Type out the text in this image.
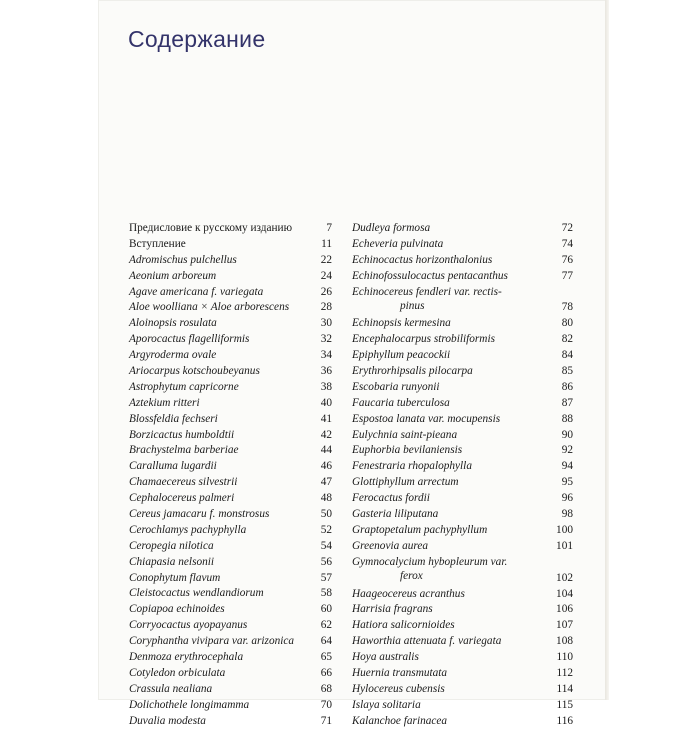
Содержание
Предисловие к русскому изданию	7
Вступление	11
Adromischus pulchellus	22
Aeonium arboreum	24
Agave americana f. variegata	26
Aloe woolliana × Aloe arborescens	28
Aloinopsis rosulata	30
Aporocactus flagelliformis	32
Argyroderma ovale	34
Ariocarpus kotschoubeyanus	36
Astrophytum capricorne	38
Aztekium ritteri	40
Blossfeldia fechseri	41
Borzicactus humboldtii	42
Brachystelma barberiae	44
Caralluma lugardii	46
Chamaecereus silvestrii	47
Cephalocereus palmeri	48
Cereus jamacaru f. monstrosus	50
Cerochlamys pachyphylla	52
Ceropegia nilotica	54
Chiapasia nelsonii	56
Conophytum flavum	57
Cleistocactus wendlandiorum	58
Copiapoa echinoides	60
Corryocactus ayopayanus	62
Coryphantha vivipara var. arizonica	64
Denmoza erythrocephala	65
Cotyledon orbiculata	66
Crassula nealiana	68
Dolichothele longimamma	70
Duvalia modesta	71
Dudleya formosa	72
Echeveria pulvinata	74
Echinocactus horizonthalonius	76
Echinofossulocactus pentacanthus	77
Echinocereus fendleri var. rectis-
pinus	78
Echinopsis kermesina	80
Encephalocarpus strobiliformis	82
Epiphyllum peacockii	84
Erythrorhipsalis pilocarpa	85
Escobaria runyonii	86
Faucaria tuberculosa	87
Espostoa lanata var. mocupensis	88
Eulychnia saint-pieana	90
Euphorbia bevilaniensis	92
Fenestraria rhopalophylla	94
Glottiphyllum arrectum	95
Ferocactus fordii	96
Gasteria liliputana	98
Graptopetalum pachyphyllum	100
Greenovia aurea	101
Gymnocalycium hybopleurum var.
ferox	102
Haageocereus acranthus	104
Harrisia fragrans	106
Hatiora salicornioides	107
Haworthia attenuata f. variegata	108
Hoya australis	110
Huernia transmutata	112
Hylocereus cubensis	114
Islaya solitaria	115
Kalanchoe farinacea	116
